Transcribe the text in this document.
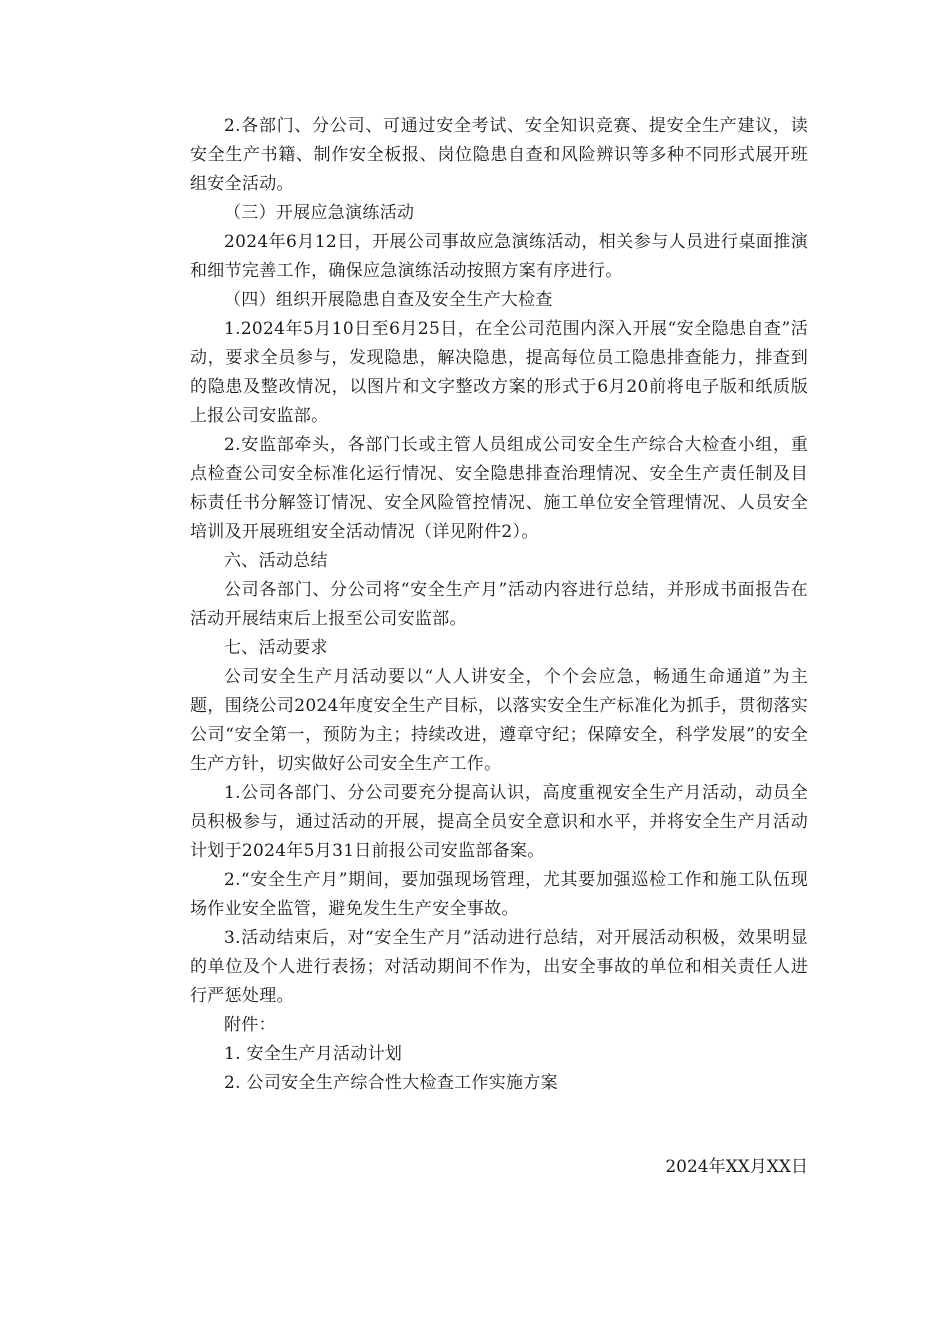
2.各部门、分公司、可通过安全考试、安全知识竞赛、提安全生产建议，读安全生产书籍、制作安全板报、岗位隐患自查和风险辨识等多种不同形式展开班组安全活动。

（三）开展应急演练活动

2024年6月12日，开展公司事故应急演练活动，相关参与人员进行桌面推演和细节完善工作，确保应急演练活动按照方案有序进行。

（四）组织开展隐患自查及安全生产大检查

1.2024年5月10日至6月25日，在全公司范围内深入开展“安全隐患自查”活动，要求全员参与，发现隐患，解决隐患，提高每位员工隐患排查能力，排查到的隐患及整改情况，以图片和文字整改方案的形式于6月20前将电子版和纸质版上报公司安监部。

2.安监部牵头，各部门长或主管人员组成公司安全生产综合大检查小组，重点检查公司安全标准化运行情况、安全隐患排查治理情况、安全生产责任制及目标责任书分解签订情况、安全风险管控情况、施工单位安全管理情况、人员安全培训及开展班组安全活动情况（详见附件2）。

六、活动总结

公司各部门、分公司将“安全生产月”活动内容进行总结，并形成书面报告在活动开展结束后上报至公司安监部。

七、活动要求

公司安全生产月活动要以“人人讲安全，个个会应急，畅通生命通道”为主题，围绕公司2024年度安全生产目标，以落实安全生产标准化为抓手，贯彻落实公司“安全第一，预防为主；持续改进，遵章守纪；保障安全，科学发展”的安全生产方针，切实做好公司安全生产工作。

1.公司各部门、分公司要充分提高认识，高度重视安全生产月活动，动员全员积极参与，通过活动的开展，提高全员安全意识和水平，并将安全生产月活动计划于2024年5月31日前报公司安监部备案。

2.“安全生产月”期间，要加强现场管理，尤其要加强巡检工作和施工队伍现场作业安全监管，避免发生生产安全事故。

3.活动结束后，对“安全生产月”活动进行总结，对开展活动积极，效果明显的单位及个人进行表扬；对活动期间不作为，出安全事故的单位和相关责任人进行严惩处理。

附件：

1. 安全生产月活动计划

2. 公司安全生产综合性大检查工作实施方案

2024年XX月XX日
